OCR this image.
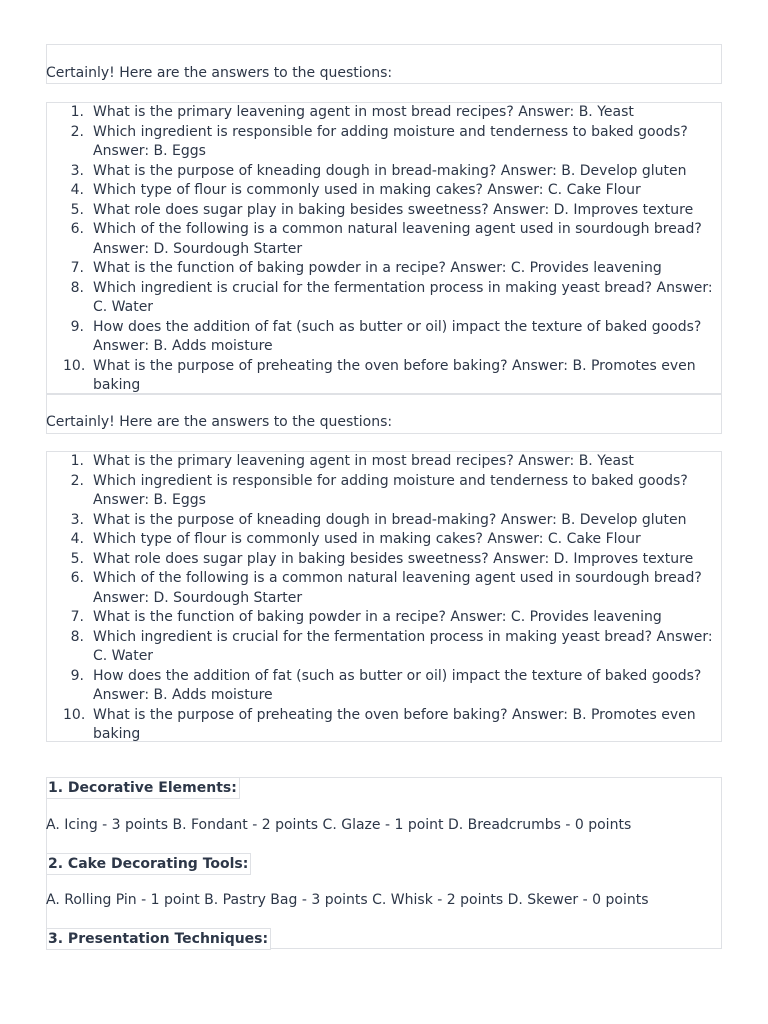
Certainly! Here are the answers to the questions:
1. What is the primary leavening agent in most bread recipes? Answer: B. Yeast
2. Which ingredient is responsible for adding moisture and tenderness to baked goods? Answer: B. Eggs
3. What is the purpose of kneading dough in bread-making? Answer: B. Develop gluten
4. Which type of flour is commonly used in making cakes? Answer: C. Cake Flour
5. What role does sugar play in baking besides sweetness? Answer: D. Improves texture
6. Which of the following is a common natural leavening agent used in sourdough bread? Answer: D. Sourdough Starter
7. What is the function of baking powder in a recipe? Answer: C. Provides leavening
8. Which ingredient is crucial for the fermentation process in making yeast bread? Answer: C. Water
9. How does the addition of fat (such as butter or oil) impact the texture of baked goods? Answer: B. Adds moisture
10. What is the purpose of preheating the oven before baking? Answer: B. Promotes even baking
Certainly! Here are the answers to the questions:
1. What is the primary leavening agent in most bread recipes? Answer: B. Yeast
2. Which ingredient is responsible for adding moisture and tenderness to baked goods? Answer: B. Eggs
3. What is the purpose of kneading dough in bread-making? Answer: B. Develop gluten
4. Which type of flour is commonly used in making cakes? Answer: C. Cake Flour
5. What role does sugar play in baking besides sweetness? Answer: D. Improves texture
6. Which of the following is a common natural leavening agent used in sourdough bread? Answer: D. Sourdough Starter
7. What is the function of baking powder in a recipe? Answer: C. Provides leavening
8. Which ingredient is crucial for the fermentation process in making yeast bread? Answer: C. Water
9. How does the addition of fat (such as butter or oil) impact the texture of baked goods? Answer: B. Adds moisture
10. What is the purpose of preheating the oven before baking? Answer: B. Promotes even baking
1. Decorative Elements:
A. Icing - 3 points B. Fondant - 2 points C. Glaze - 1 point D. Breadcrumbs - 0 points
2. Cake Decorating Tools:
A. Rolling Pin - 1 point B. Pastry Bag - 3 points C. Whisk - 2 points D. Skewer - 0 points
3. Presentation Techniques:
